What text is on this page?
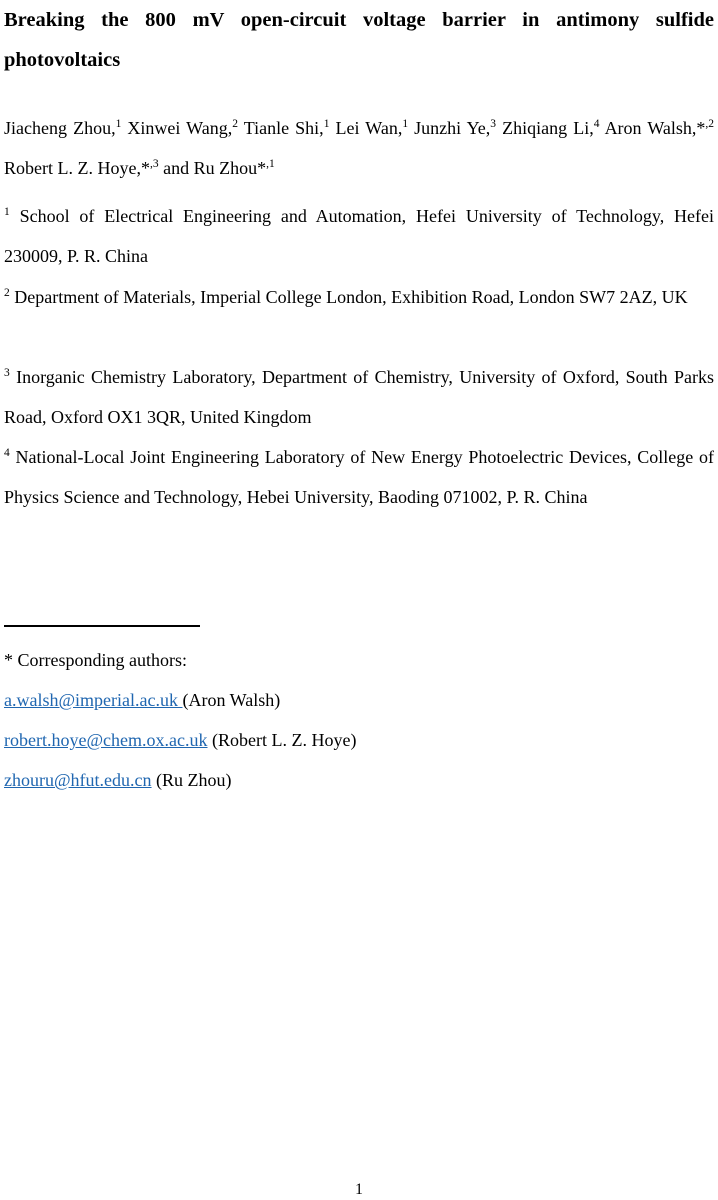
Breaking the 800 mV open-circuit voltage barrier in antimony sulfide photovoltaics
Jiacheng Zhou,$^1$ Xinwei Wang,$^2$ Tianle Shi,$^1$ Lei Wan,$^1$ Junzhi Ye,$^3$ Zhiqiang Li,$^4$ Aron Walsh,*$^{,2}$ Robert L. Z. Hoye,*$^{,3}$ and Ru Zhou*$^{,1}$
$^1$ School of Electrical Engineering and Automation, Hefei University of Technology, Hefei 230009, P. R. China
$^2$ Department of Materials, Imperial College London, Exhibition Road, London SW7 2AZ, UK
$^3$ Inorganic Chemistry Laboratory, Department of Chemistry, University of Oxford, South Parks Road, Oxford OX1 3QR, United Kingdom
$^4$ National-Local Joint Engineering Laboratory of New Energy Photoelectric Devices, College of Physics Science and Technology, Hebei University, Baoding 071002, P. R. China
* Corresponding authors:
a.walsh@imperial.ac.uk (Aron Walsh)
robert.hoye@chem.ox.ac.uk (Robert L. Z. Hoye)
zhouru@hfut.edu.cn (Ru Zhou)
1
